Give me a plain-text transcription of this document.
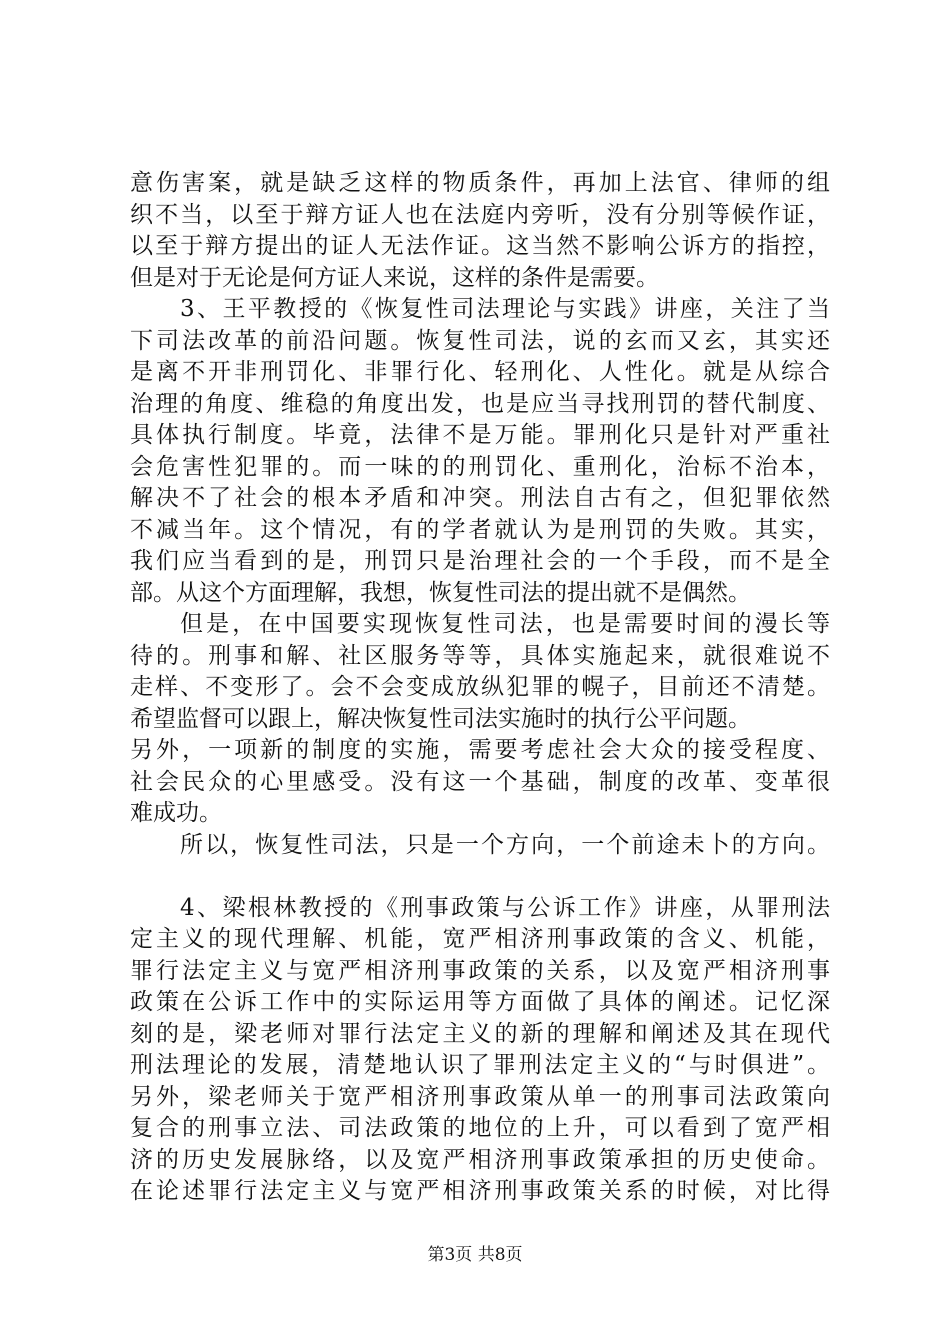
意伤害案，就是缺乏这样的物质条件，再加上法官、律师的组
织不当，以至于辩方证人也在法庭内旁听，没有分别等候作证，
以至于辩方提出的证人无法作证。这当然不影响公诉方的指控，
但是对于无论是何方证人来说，这样的条件是需要。
3、王平教授的《恢复性司法理论与实践》讲座，关注了当
下司法改革的前沿问题。恢复性司法，说的玄而又玄，其实还
是离不开非刑罚化、非罪行化、轻刑化、人性化。就是从综合
治理的角度、维稳的角度出发，也是应当寻找刑罚的替代制度、
具体执行制度。毕竟，法律不是万能。罪刑化只是针对严重社
会危害性犯罪的。而一味的的刑罚化、重刑化，治标不治本，
解决不了社会的根本矛盾和冲突。刑法自古有之，但犯罪依然
不减当年。这个情况，有的学者就认为是刑罚的失败。其实，
我们应当看到的是，刑罚只是治理社会的一个手段，而不是全
部。从这个方面理解，我想，恢复性司法的提出就不是偶然。
但是，在中国要实现恢复性司法，也是需要时间的漫长等
待的。刑事和解、社区服务等等，具体实施起来，就很难说不
走样、不变形了。会不会变成放纵犯罪的幌子，目前还不清楚。
希望监督可以跟上，解决恢复性司法实施时的执行公平问题。
另外，一项新的制度的实施，需要考虑社会大众的接受程度、
社会民众的心里感受。没有这一个基础，制度的改革、变革很
难成功。
所以，恢复性司法，只是一个方向，一个前途未卜的方向。
4、梁根林教授的《刑事政策与公诉工作》讲座，从罪刑法
定主义的现代理解、机能，宽严相济刑事政策的含义、机能，
罪行法定主义与宽严相济刑事政策的关系，以及宽严相济刑事
政策在公诉工作中的实际运用等方面做了具体的阐述。记忆深
刻的是，梁老师对罪行法定主义的新的理解和阐述及其在现代
刑法理论的发展，清楚地认识了罪刑法定主义的“与时俱进”。
另外，梁老师关于宽严相济刑事政策从单一的刑事司法政策向
复合的刑事立法、司法政策的地位的上升，可以看到了宽严相
济的历史发展脉络，以及宽严相济刑事政策承担的历史使命。
在论述罪行法定主义与宽严相济刑事政策关系的时候，对比得
第3页 共8页
